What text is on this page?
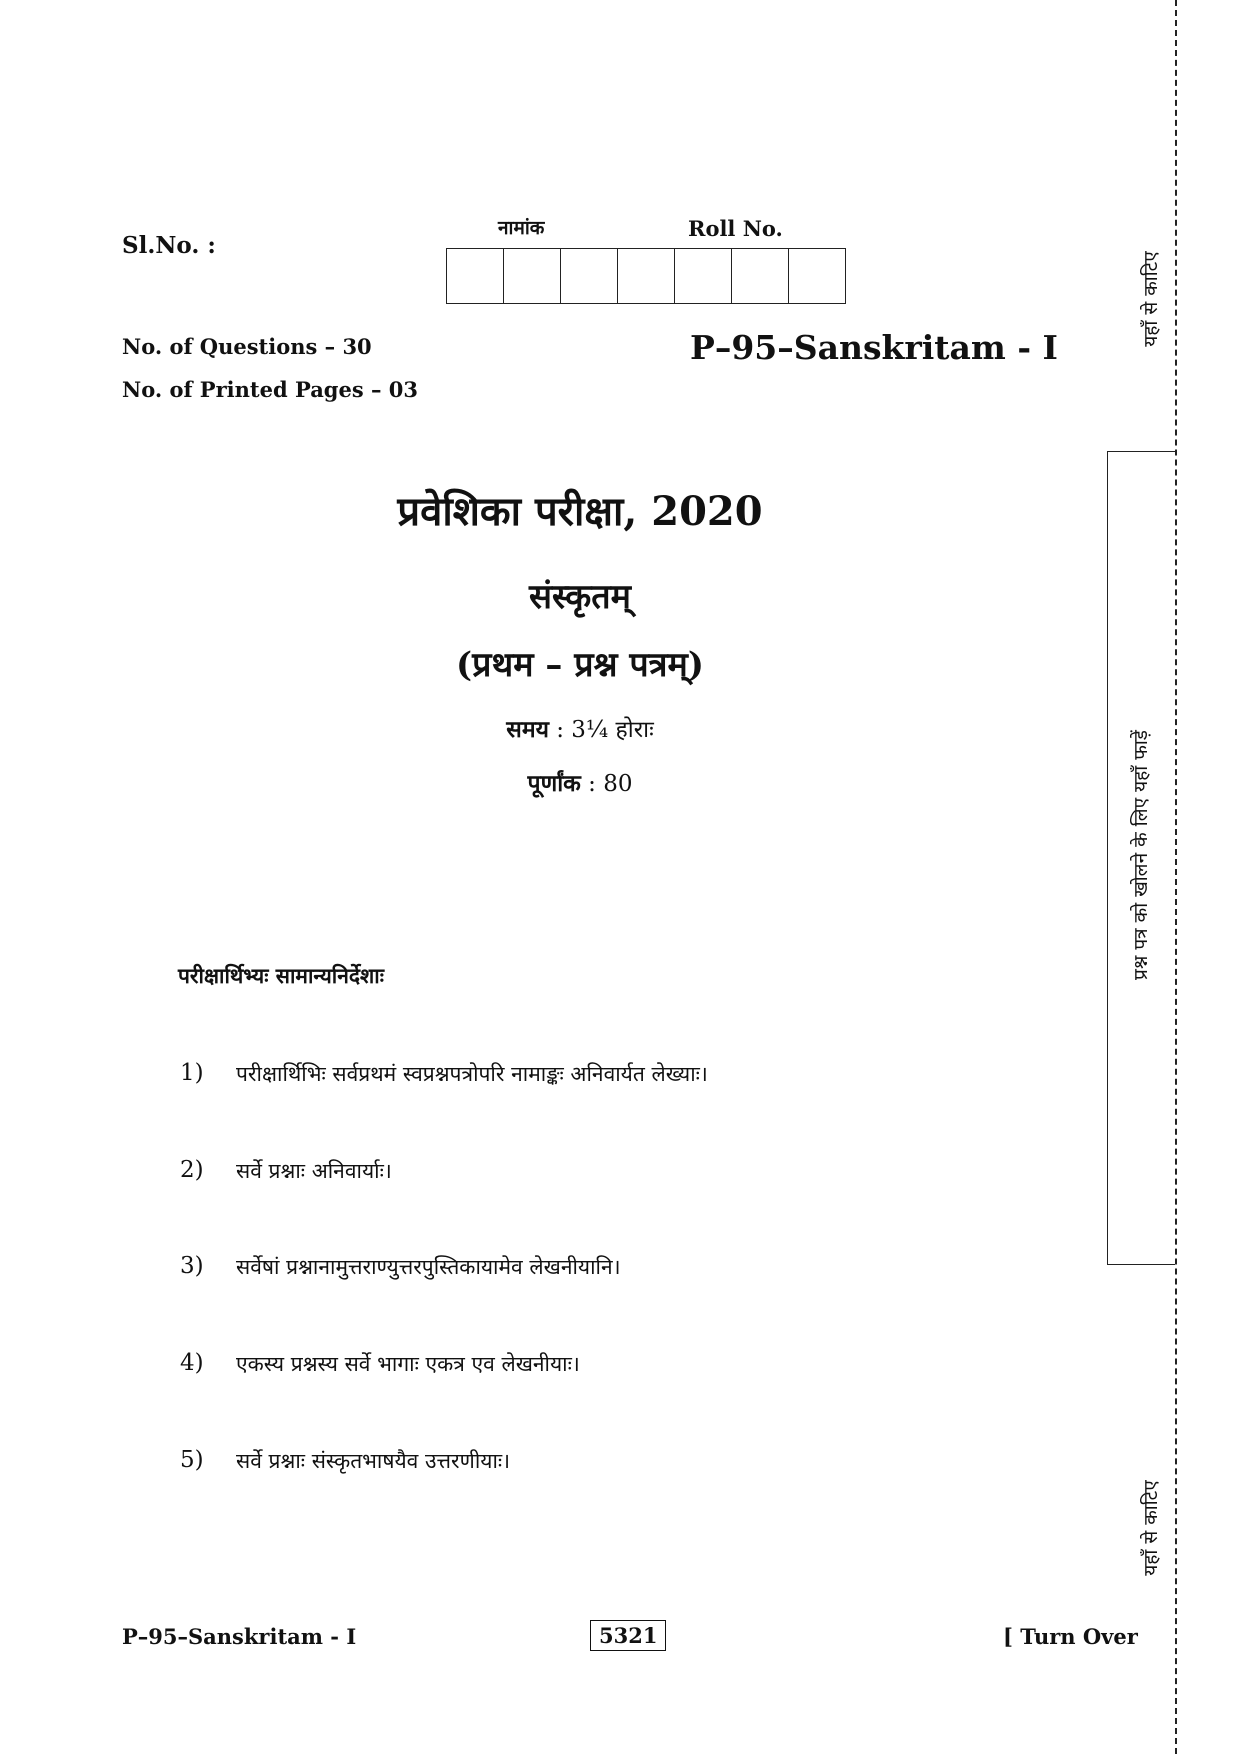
Sl.No. :
नामांक	Roll No.
No. of Questions – 30
No. of Printed Pages – 03
P–95–Sanskritam - I
प्रवेशिका परीक्षा, 2020
संस्कृतम्
(प्रथम – प्रश्न पत्रम्)
समय : 3¼ होराः
पूर्णांक : 80
परीक्षार्थिभ्यः सामान्यनिर्देशाः
1)	परीक्षार्थिभिः सर्वप्रथमं स्वप्रश्नपत्रोपरि नामाङ्कः अनिवार्यत लेख्याः।
2)	सर्वे प्रश्नाः अनिवार्याः।
3)	सर्वेषां प्रश्नानामुत्तराण्युत्तरपुस्तिकायामेव लेखनीयानि।
4)	एकस्य प्रश्नस्य सर्वे भागाः एकत्र एव लेखनीयाः।
5)	सर्वे प्रश्नाः संस्कृतभाषयैव उत्तरणीयाः।
P–95–Sanskritam - I	5321	[ Turn Over
यहाँ से काटिए
प्रश्न पत्र को खोलने के लिए यहाँ फाड़ें
यहाँ से काटिए
